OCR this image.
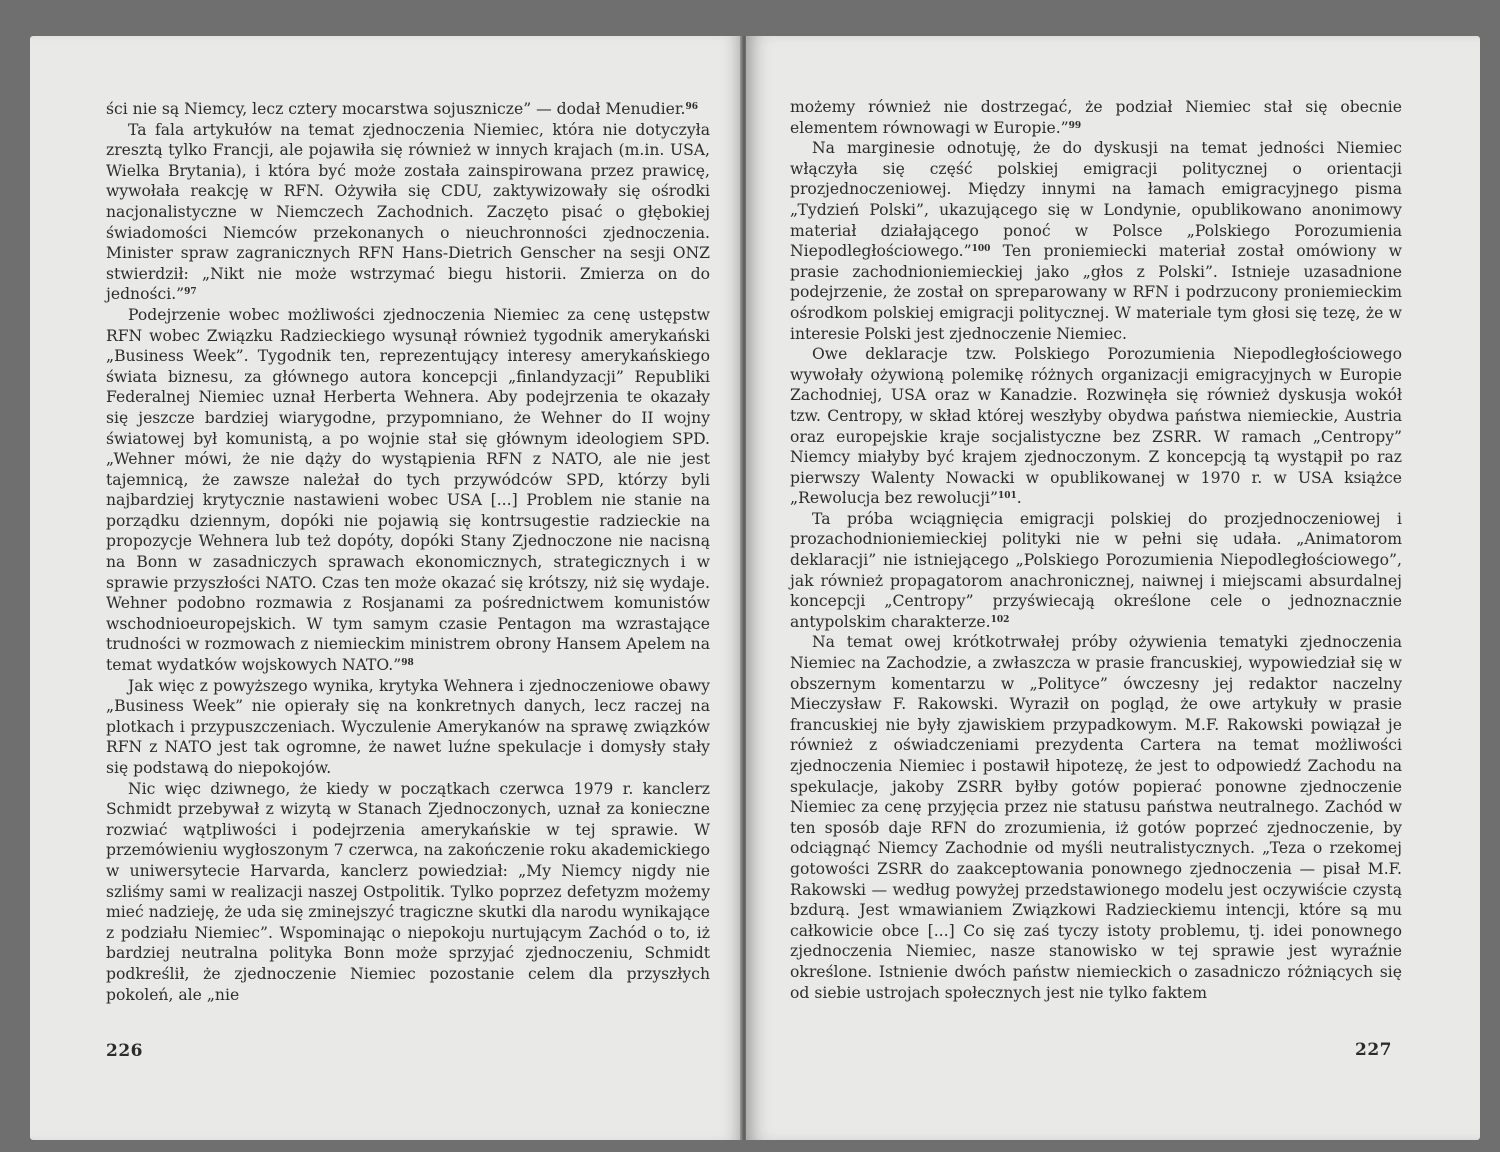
ści nie są Niemcy, lecz cztery mocarstwa sojusznicze” — dodał Menudier.$^{96}$

Ta fala artykułów na temat zjednoczenia Niemiec, która nie dotyczyła zresztą tylko Francji, ale pojawiła się również w innych krajach (m.in. USA, Wielka Brytania), i która być może została zainspirowana przez prawicę, wywołała reakcję w RFN. Ożywiła się CDU, zaktywizowały się ośrodki nacjonalistyczne w Niemczech Zachodnich. Zaczęto pisać o głębokiej świadomości Niemców przekonanych o nieuchronności zjednoczenia. Minister spraw zagranicznych RFN Hans-Dietrich Genscher na sesji ONZ stwierdził: „Nikt nie może wstrzymać biegu historii. Zmierza on do jedności.”$^{97}$

Podejrzenie wobec możliwości zjednoczenia Niemiec za cenę ustępstw RFN wobec Związku Radzieckiego wysunął również tygodnik amerykański „Business Week”. Tygodnik ten, reprezentujący interesy amerykańskiego świata biznesu, za głównego autora koncepcji „finlandyzacji” Republiki Federalnej Niemiec uznał Herberta Wehnera. Aby podejrzenia te okazały się jeszcze bardziej wiarygodne, przypomniano, że Wehner do II wojny światowej był komunistą, a po wojnie stał się głównym ideologiem SPD. „Wehner mówi, że nie dąży do wystąpienia RFN z NATO, ale nie jest tajemnicą, że zawsze należał do tych przywódców SPD, którzy byli najbardziej krytycznie nastawieni wobec USA [...] Problem nie stanie na porządku dziennym, dopóki nie pojawią się kontrsugestie radzieckie na propozycje Wehnera lub też dopóty, dopóki Stany Zjednoczone nie nacisną na Bonn w zasadniczych sprawach ekonomicznych, strategicznych i w sprawie przyszłości NATO. Czas ten może okazać się krótszy, niż się wydaje. Wehner podobno rozmawia z Rosjanami za pośrednictwem komunistów wschodnioeuropejskich. W tym samym czasie Pentagon ma wzrastające trudności w rozmowach z niemieckim ministrem obrony Hansem Apelem na temat wydatków wojskowych NATO.”$^{98}$

Jak więc z powyższego wynika, krytyka Wehnera i zjednoczeniowe obawy „Business Week” nie opierały się na konkretnych danych, lecz raczej na plotkach i przypuszczeniach. Wyczulenie Amerykanów na sprawę związków RFN z NATO jest tak ogromne, że nawet luźne spekulacje i domysły stały się podstawą do niepokojów.

Nic więc dziwnego, że kiedy w początkach czerwca 1979 r. kanclerz Schmidt przebywał z wizytą w Stanach Zjednoczonych, uznał za konieczne rozwiać wątpliwości i podejrzenia amerykańskie w tej sprawie. W przemówieniu wygłoszonym 7 czerwca, na zakończenie roku akademickiego w uniwersytecie Harvarda, kanclerz powiedział: „My Niemcy nigdy nie szliśmy sami w realizacji naszej Ostpolitik. Tylko poprzez defetyzm możemy mieć nadzieję, że uda się zminejszyć tragiczne skutki dla narodu wynikające z podziału Niemiec”. Wspominając o niepokoju nurtującym Zachód o to, iż bardziej neutralna polityka Bonn może sprzyjać zjednoczeniu, Schmidt podkreślił, że zjednoczenie Niemiec pozostanie celem dla przyszłych pokoleń, ale „nie

226

możemy również nie dostrzegać, że podział Niemiec stał się obecnie elementem równowagi w Europie.”$^{99}$

Na marginesie odnotuję, że do dyskusji na temat jedności Niemiec włączyła się część polskiej emigracji politycznej o orientacji prozjednoczeniowej. Między innymi na łamach emigracyjnego pisma „Tydzień Polski”, ukazującego się w Londynie, opublikowano anonimowy materiał działającego ponoć w Polsce „Polskiego Porozumienia Niepodległościowego.”$^{100}$ Ten proniemiecki materiał został omówiony w prasie zachodnioniemieckiej jako „głos z Polski”. Istnieje uzasadnione podejrzenie, że został on spreparowany w RFN i podrzucony proniemieckim ośrodkom polskiej emigracji politycznej. W materiale tym głosi się tezę, że w interesie Polski jest zjednoczenie Niemiec.

Owe deklaracje tzw. Polskiego Porozumienia Niepodległościowego wywołały ożywioną polemikę różnych organizacji emigracyjnych w Europie Zachodniej, USA oraz w Kanadzie. Rozwinęła się również dyskusja wokół tzw. Centropy, w skład której weszłyby obydwa państwa niemieckie, Austria oraz europejskie kraje socjalistyczne bez ZSRR. W ramach „Centropy” Niemcy miałyby być krajem zjednoczonym. Z koncepcją tą wystąpił po raz pierwszy Walenty Nowacki w opublikowanej w 1970 r. w USA książce „Rewolucja bez rewolucji”$^{101}$.

Ta próba wciągnięcia emigracji polskiej do prozjednoczeniowej i prozachodnioniemieckiej polityki nie w pełni się udała. „Animatorom deklaracji” nie istniejącego „Polskiego Porozumienia Niepodległościowego”, jak również propagatorom anachronicznej, naiwnej i miejscami absurdalnej koncepcji „Centropy” przyświecają określone cele o jednoznacznie antypolskim charakterze.$^{102}$

Na temat owej krótkotrwałej próby ożywienia tematyki zjednoczenia Niemiec na Zachodzie, a zwłaszcza w prasie francuskiej, wypowiedział się w obszernym komentarzu w „Polityce” ówczesny jej redaktor naczelny Mieczysław F. Rakowski. Wyraził on pogląd, że owe artykuły w prasie francuskiej nie były zjawiskiem przypadkowym. M.F. Rakowski powiązał je również z oświadczeniami prezydenta Cartera na temat możliwości zjednoczenia Niemiec i postawił hipotezę, że jest to odpowiedź Zachodu na spekulacje, jakoby ZSRR byłby gotów popierać ponowne zjednoczenie Niemiec za cenę przyjęcia przez nie statusu państwa neutralnego. Zachód w ten sposób daje RFN do zrozumienia, iż gotów poprzeć zjednoczenie, by odciągnąć Niemcy Zachodnie od myśli neutralistycznych. „Teza o rzekomej gotowości ZSRR do zaakceptowania ponownego zjednoczenia — pisał M.F. Rakowski — według powyżej przedstawionego modelu jest oczywiście czystą bzdurą. Jest wmawianiem Związkowi Radzieckiemu intencji, które są mu całkowicie obce [...] Co się zaś tyczy istoty problemu, tj. idei ponownego zjednoczenia Niemiec, nasze stanowisko w tej sprawie jest wyraźnie określone. Istnienie dwóch państw niemieckich o zasadniczo różniących się od siebie ustrojach społecznych jest nie tylko faktem

227
